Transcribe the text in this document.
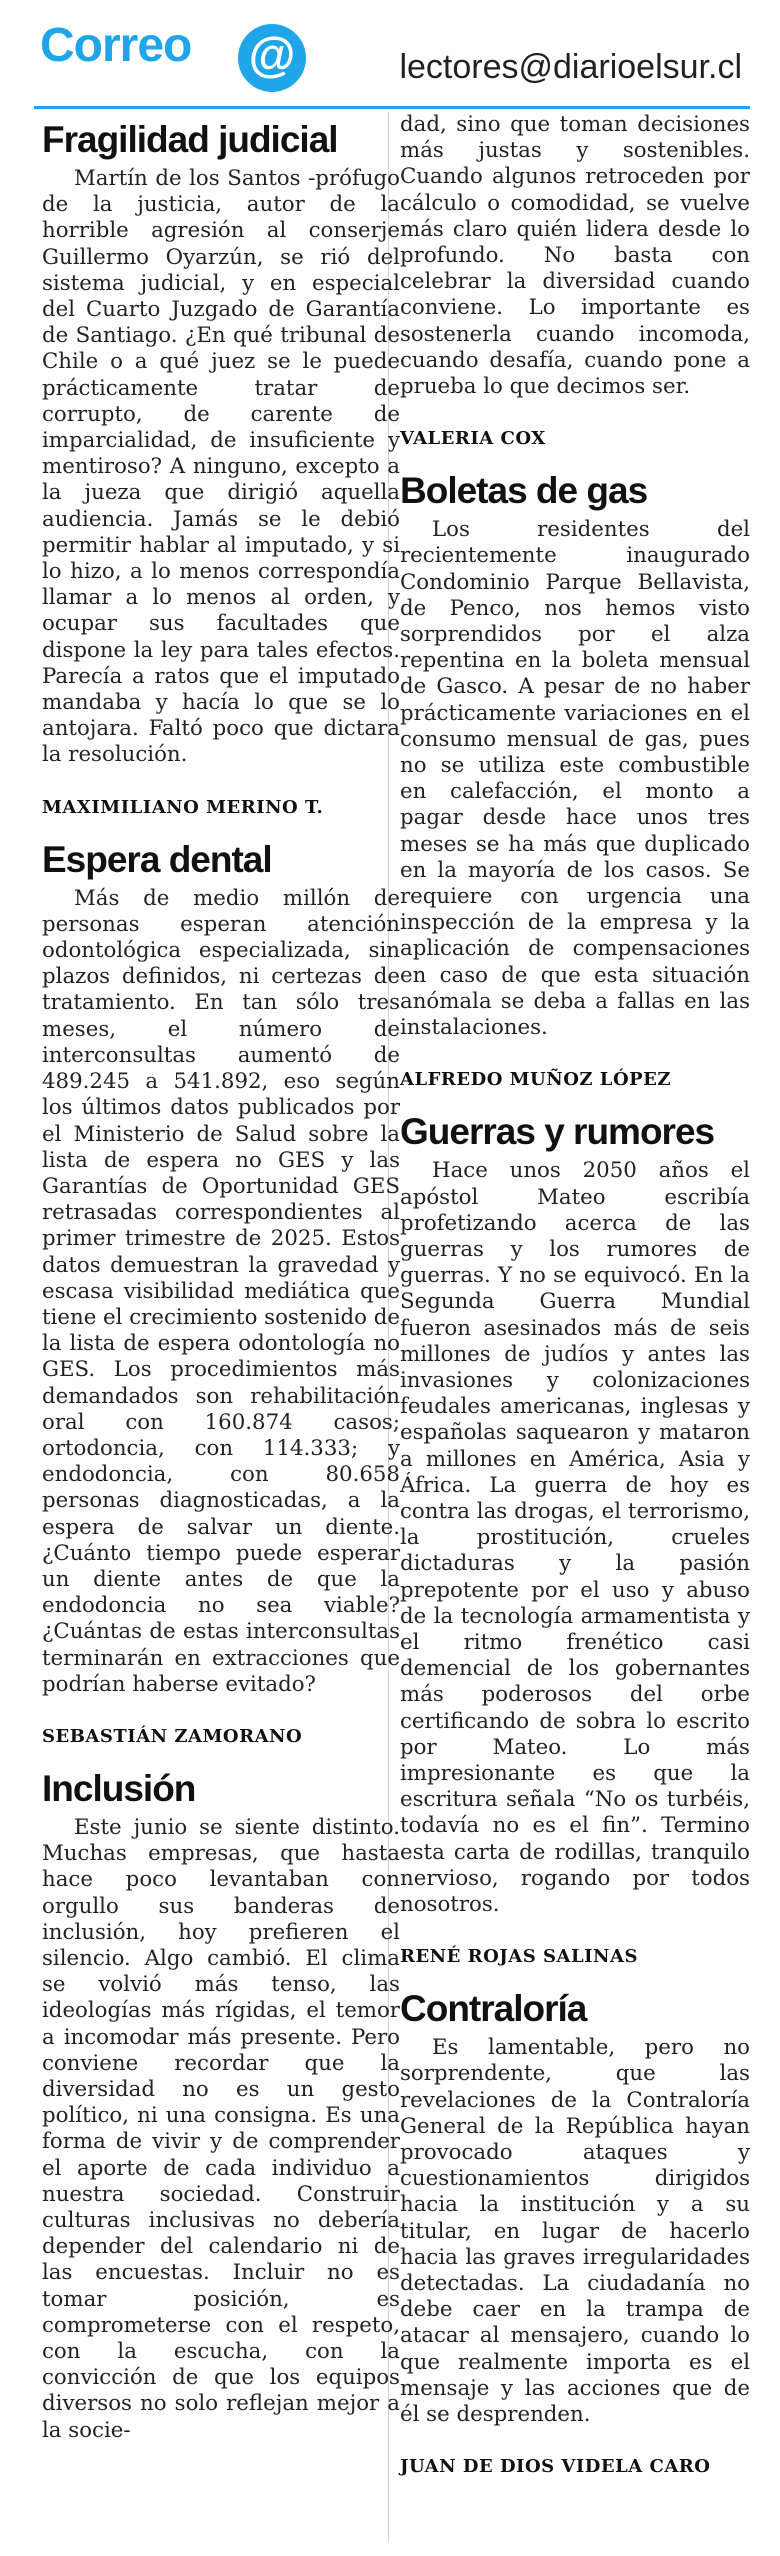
Correo @	lectores@diarioelsur.cl
Fragilidad judicial
Martín de los Santos -prófugo de la justicia, autor de la horrible agresión al conserje Guillermo Oyarzún, se rió del sistema judicial, y en especial del Cuarto Juzgado de Garantía de Santiago. ¿En qué tribunal de Chile o a qué juez se le puede prácticamente tratar de corrupto, de carente de imparcialidad, de insuficiente y mentiroso? A ninguno, excepto a la jueza que dirigió aquella audiencia. Jamás se le debió permitir hablar al imputado, y si lo hizo, a lo menos correspondía llamar a lo menos al orden, y ocupar sus facultades que dispone la ley para tales efectos. Parecía a ratos que el imputado mandaba y hacía lo que se lo antojara. Faltó poco que dictara la resolución.
MAXIMILIANO MERINO T.
Espera dental
Más de medio millón de personas esperan atención odontológica especializada, sin plazos definidos, ni certezas de tratamiento. En tan sólo tres meses, el número de interconsultas aumentó de 489.245 a 541.892, eso según los últimos datos publicados por el Ministerio de Salud sobre la lista de espera no GES y las Garantías de Oportunidad GES retrasadas correspondientes al primer trimestre de 2025. Estos datos demuestran la gravedad y escasa visibilidad mediática que tiene el crecimiento sostenido de la lista de espera odontología no GES. Los procedimientos más demandados son rehabilitación oral con 160.874 casos; ortodoncia, con 114.333; y endodoncia, con 80.658 personas diagnosticadas, a la espera de salvar un diente. ¿Cuánto tiempo puede esperar un diente antes de que la endodoncia no sea viable? ¿Cuántas de estas interconsultas terminarán en extracciones que podrían haberse evitado?
SEBASTIÁN ZAMORANO
Inclusión
Este junio se siente distinto. Muchas empresas, que hasta hace poco levantaban con orgullo sus banderas de inclusión, hoy prefieren el silencio. Algo cambió. El clima se volvió más tenso, las ideologías más rígidas, el temor a incomodar más presente. Pero conviene recordar que la diversidad no es un gesto político, ni una consigna. Es una forma de vivir y de comprender el aporte de cada individuo a nuestra sociedad. Construir culturas inclusivas no debería depender del calendario ni de las encuestas. Incluir no es tomar posición, es comprometerse con el respeto, con la escucha, con la convicción de que los equipos diversos no solo reflejan mejor a la socie-
dad, sino que toman decisiones más justas y sostenibles. Cuando algunos retroceden por cálculo o comodidad, se vuelve más claro quién lidera desde lo profundo. No basta con celebrar la diversidad cuando conviene. Lo importante es sostenerla cuando incomoda, cuando desafía, cuando pone a prueba lo que decimos ser.
VALERIA COX
Boletas de gas
Los residentes del recientemente inaugurado Condominio Parque Bellavista, de Penco, nos hemos visto sorprendidos por el alza repentina en la boleta mensual de Gasco. A pesar de no haber prácticamente variaciones en el consumo mensual de gas, pues no se utiliza este combustible en calefacción, el monto a pagar desde hace unos tres meses se ha más que duplicado en la mayoría de los casos. Se requiere con urgencia una inspección de la empresa y la aplicación de compensaciones en caso de que esta situación anómala se deba a fallas en las instalaciones.
ALFREDO MUÑOZ LÓPEZ
Guerras y rumores
Hace unos 2050 años el apóstol Mateo escribía profetizando acerca de las guerras y los rumores de guerras. Y no se equivocó. En la Segunda Guerra Mundial fueron asesinados más de seis millones de judíos y antes las invasiones y colonizaciones feudales americanas, inglesas y españolas saquearon y mataron a millones en América, Asia y África. La guerra de hoy es contra las drogas, el terrorismo, la prostitución, crueles dictaduras y la pasión prepotente por el uso y abuso de la tecnología armamentista y el ritmo frenético casi demencial de los gobernantes más poderosos del orbe certificando de sobra lo escrito por Mateo. Lo más impresionante es que la escritura señala “No os turbéis, todavía no es el fin”. Termino esta carta de rodillas, tranquilo nervioso, rogando por todos nosotros.
RENÉ ROJAS SALINAS
Contraloría
Es lamentable, pero no sorprendente, que las revelaciones de la Contraloría General de la República hayan provocado ataques y cuestionamientos dirigidos hacia la institución y a su titular, en lugar de hacerlo hacia las graves irregularidades detectadas. La ciudadanía no debe caer en la trampa de atacar al mensajero, cuando lo que realmente importa es el mensaje y las acciones que de él se desprenden.
JUAN DE DIOS VIDELA CARO
